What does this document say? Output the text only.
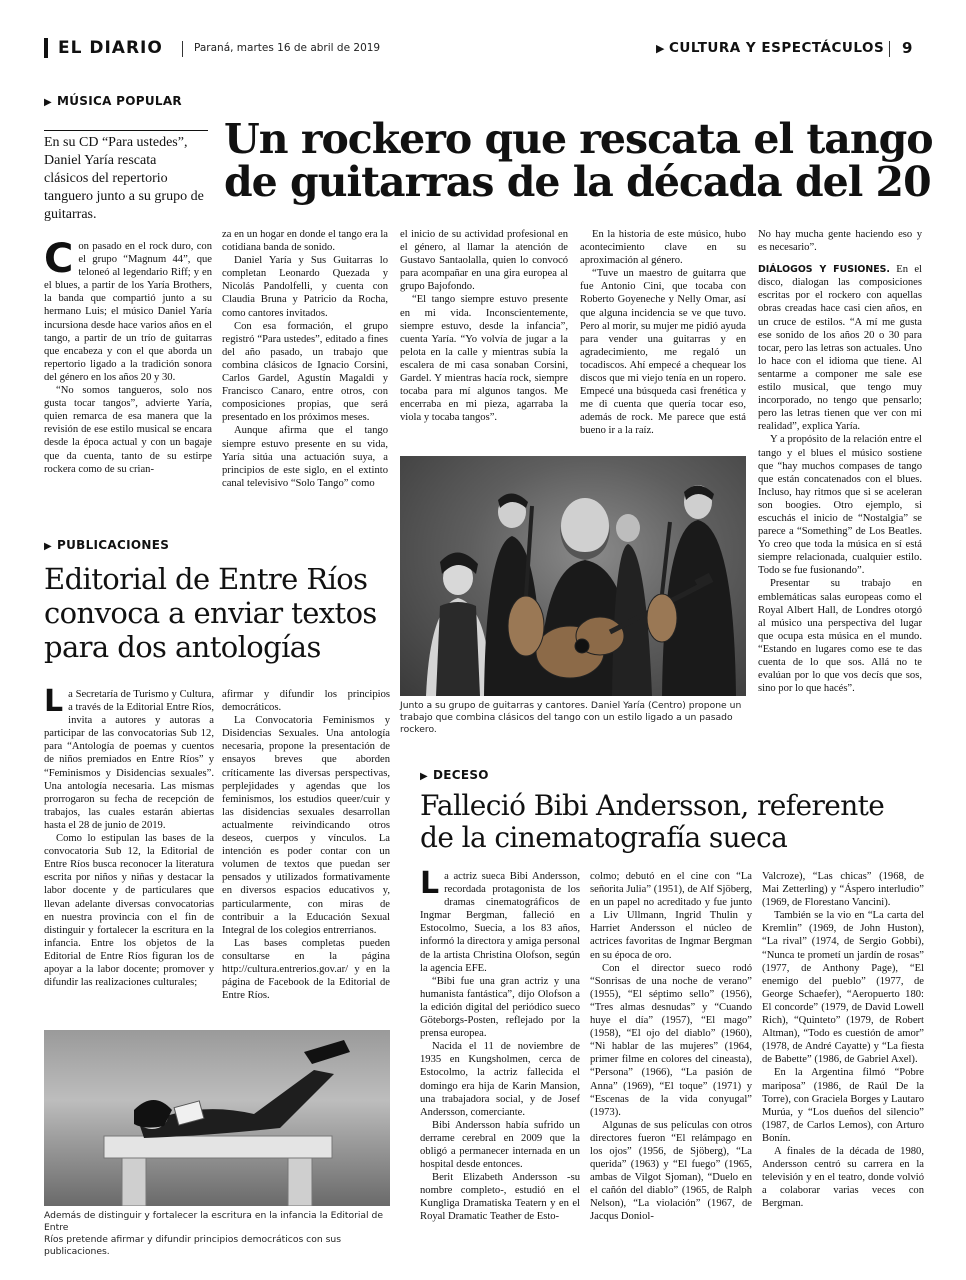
EL DIARIO	Paraná, martes 16 de abril de 2019	▶ CULTURA Y ESPECTÁCULOS 9
▶ MÚSICA POPULAR
En su CD “Para ustedes”, Daniel Yaría rescata clásicos del repertorio tanguero junto a su grupo de guitarras.
Un rockero que rescata el tango
de guitarras de la década del 20

Con pasado en el rock duro, con el grupo “Magnum 44”, que teloneó al legendario Riff; y en el blues, a partir de los Yaría Brothers, la banda que compartió junto a su hermano Luis; el músico Daniel Yaría incursiona desde hace varios años en el tango, a partir de un trío de guitarras que encabeza y con el que aborda un repertorio ligado a la tradición sonora del género en los años 20 y 30.

“No somos tangueros, solo nos gusta tocar tangos”, advierte Yaría, quien remarca de esa manera que la revisión de ese estilo musical se encara desde la época actual y con un bagaje que da cuenta, tanto de su estirpe rockera como de su crian-

za en un hogar en donde el tango era la cotidiana banda de sonido.

Daniel Yaría y Sus Guitarras lo completan Leonardo Quezada y Nicolás Pandolfelli, y cuenta con Claudia Bruna y Patricio da Rocha, como cantores invitados.

Con esa formación, el grupo registró “Para ustedes”, editado a fines del año pasado, un trabajo que combina clásicos de Ignacio Corsini, Carlos Gardel, Agustín Magaldi y Francisco Canaro, entre otros, con composiciones propias, que será presentado en los próximos meses.

Aunque afirma que el tango siempre estuvo presente en su vida, Yaría sitúa una actuación suya, a principios de este siglo, en el extinto canal televisivo “Solo Tango” como

el inicio de su actividad profesional en el género, al llamar la atención de Gustavo Santaolalla, quien lo convocó para acompañar en una gira europea al grupo Bajofondo.

“El tango siempre estuvo presente en mi vida. Inconscientemente, siempre estuvo, desde la infancia”, cuenta Yaría. “Yo volvía de jugar a la pelota en la calle y mientras subía la escalera de mi casa sonaban Corsini, Gardel. Y mientras hacía rock, siempre tocaba para mí algunos tangos. Me encerraba en mi pieza, agarraba la viola y tocaba tangos”.

En la historia de este músico, hubo acontecimiento clave en su aproximación al género.

“Tuve un maestro de guitarra que fue Antonio Cini, que tocaba con Roberto Goyeneche y Nelly Omar, así que alguna incidencia se ve que tuvo. Pero al morir, su mujer me pidió ayuda para vender una guitarras y en agradecimiento, me regaló un tocadiscos. Ahí empecé a chequear los discos que mi viejo tenía en un ropero. Empecé una búsqueda casi frenética y me di cuenta que quería tocar eso, además de rock. Me parece que está bueno ir a la raíz.

No hay mucha gente haciendo eso y es necesario”.

DIÁLOGOS Y FUSIONES. En el disco, dialogan las composiciones escritas por el rockero con aquellas obras creadas hace casi cien años, en un cruce de estilos. “A mí me gusta ese sonido de los años 20 o 30 para tocar, pero las letras son actuales. Uno lo hace con el idioma que tiene. Al sentarme a componer me sale ese estilo musical, que tengo muy incorporado, no tengo que pensarlo; pero las letras tienen que ver con mi realidad”, explica Yaría.

Y a propósito de la relación entre el tango y el blues el músico sostiene que “hay muchos compases de tango que están concatenados con el blues. Incluso, hay ritmos que si se aceleran son boogies. Otro ejemplo, si escuchás el inicio de “Nostalgia” se parece a “Something” de Los Beatles. Yo creo que toda la música en sí está siempre relacionada, cualquier estilo. Todo se fue fusionando”.

Presentar su trabajo en emblemáticas salas europeas como el Royal Albert Hall, de Londres otorgó al músico una perspectiva del lugar que ocupa esta música en el mundo. “Estando en lugares como ese te das cuenta de lo que sos. Allá no te evalúan por lo que vos decís que sos, sino por lo que hacés”.

Junto a su grupo de guitarras y cantores. Daniel Yaría (Centro) propone un
trabajo que combina clásicos del tango con un estilo ligado a un pasado rockero.
▶ PUBLICACIONES
Editorial de Entre Ríos
convoca a enviar textos
para dos antologías

La Secretaría de Turismo y Cultura, a través de la Editorial Entre Ríos, invita a autores y autoras a participar de las convocatorias Sub 12, para “Antología de poemas y cuentos de niños premiados en Entre Ríos” y “Feminismos y Disidencias sexuales”. Una antología necesaria. Las mismas prorrogaron su fecha de recepción de trabajos, las cuales estarán abiertas hasta el 28 de junio de 2019.

Como lo estipulan las bases de la convocatoria Sub 12, la Editorial de Entre Ríos busca reconocer la literatura escrita por niños y niñas y destacar la labor docente y de particulares que llevan adelante diversas convocatorias en nuestra provincia con el fin de distinguir y fortalecer la escritura en la infancia. Entre los objetos de la Editorial de Entre Ríos figuran los de apoyar a la labor docente; promover y difundir las realizaciones culturales;

afirmar y difundir los principios democráticos.

La Convocatoria Feminismos y Disidencias Sexuales. Una antología necesaria, propone la presentación de ensayos breves que aborden críticamente las diversas perspectivas, perplejidades y agendas que los feminismos, los estudios queer/cuir y las disidencias sexuales desarrollan actualmente reivindicando otros deseos, cuerpos y vínculos. La intención es poder contar con un volumen de textos que puedan ser pensados y utilizados formativamente en diversos espacios educativos y, particularmente, con miras de contribuir a la Educación Sexual Integral de los colegios entrerrianos.

Las bases completas pueden consultarse en la página http://cultura.entrerios.gov.ar/ y en la página de Facebook de la Editorial de Entre Ríos.

Además de distinguir y fortalecer la escritura en la infancia la Editorial de Entre
Ríos pretende afirmar y difundir principios democráticos con sus publicaciones.
▶ DECESO
Falleció Bibi Andersson, referente
de la cinematografía sueca

La actriz sueca Bibi Andersson, recordada protagonista de los dramas cinematográficos de Ingmar Bergman, falleció en Estocolmo, Suecia, a los 83 años, informó la directora y amiga personal de la artista Christina Olofson, según la agencia EFE.

“Bibi fue una gran actriz y una humanista fantástica”, dijo Olofson a la edición digital del periódico sueco Göteborgs-Posten, reflejado por la prensa europea.

Nacida el 11 de noviembre de 1935 en Kungsholmen, cerca de Estocolmo, la actriz fallecida el domingo era hija de Karin Mansion, una trabajadora social, y de Josef Andersson, comerciante.

Bibi Andersson había sufrido un derrame cerebral en 2009 que la obligó a permanecer internada en un hospital desde entonces.

Berit Elizabeth Andersson -su nombre completo-, estudió en el Kungliga Dramatiska Teatern y en el Royal Dramatic Teather de Esto-

colmo; debutó en el cine con “La señorita Julia” (1951), de Alf Sjöberg, en un papel no acreditado y fue junto a Liv Ullmann, Ingrid Thulin y Harriet Andersson el núcleo de actrices favoritas de Ingmar Bergman en su época de oro.

Con el director sueco rodó “Sonrisas de una noche de verano” (1955), “El séptimo sello” (1956), “Tres almas desnudas” y “Cuando huye el día” (1957), “El mago” (1958), “El ojo del diablo” (1960), “Ni hablar de las mujeres” (1964, primer filme en colores del cineasta), “Persona” (1966), “La pasión de Anna” (1969), “El toque” (1971) y “Escenas de la vida conyugal” (1973).

Algunas de sus películas con otros directores fueron “El relámpago en los ojos” (1956, de Sjöberg), “La querida” (1963) y “El fuego” (1965, ambas de Vilgot Sjoman), “Duelo en el cañón del diablo” (1965, de Ralph Nelson), “La violación” (1967, de Jacqus Doniol-

Valcroze), “Las chicas” (1968, de Mai Zetterling) y “Áspero interludio” (1969, de Florestano Vancini).

También se la vio en “La carta del Kremlin” (1969, de John Huston), “La rival” (1974, de Sergio Gobbi), “Nunca te prometí un jardín de rosas” (1977, de Anthony Page), “El enemigo del pueblo” (1977, de George Schaefer), “Aeropuerto 180: El concorde” (1979, de David Lowell Rich), “Quinteto” (1979, de Robert Altman), “Todo es cuestión de amor” (1978, de André Cayatte) y “La fiesta de Babette” (1986, de Gabriel Axel).

En la Argentina filmó “Pobre mariposa” (1986, de Raúl De la Torre), con Graciela Borges y Lautaro Murúa, y “Los dueños del silencio” (1987, de Carlos Lemos), con Arturo Bonín.

A finales de la década de 1980, Andersson centró su carrera en la televisión y en el teatro, donde volvió a colaborar varias veces con Bergman.
